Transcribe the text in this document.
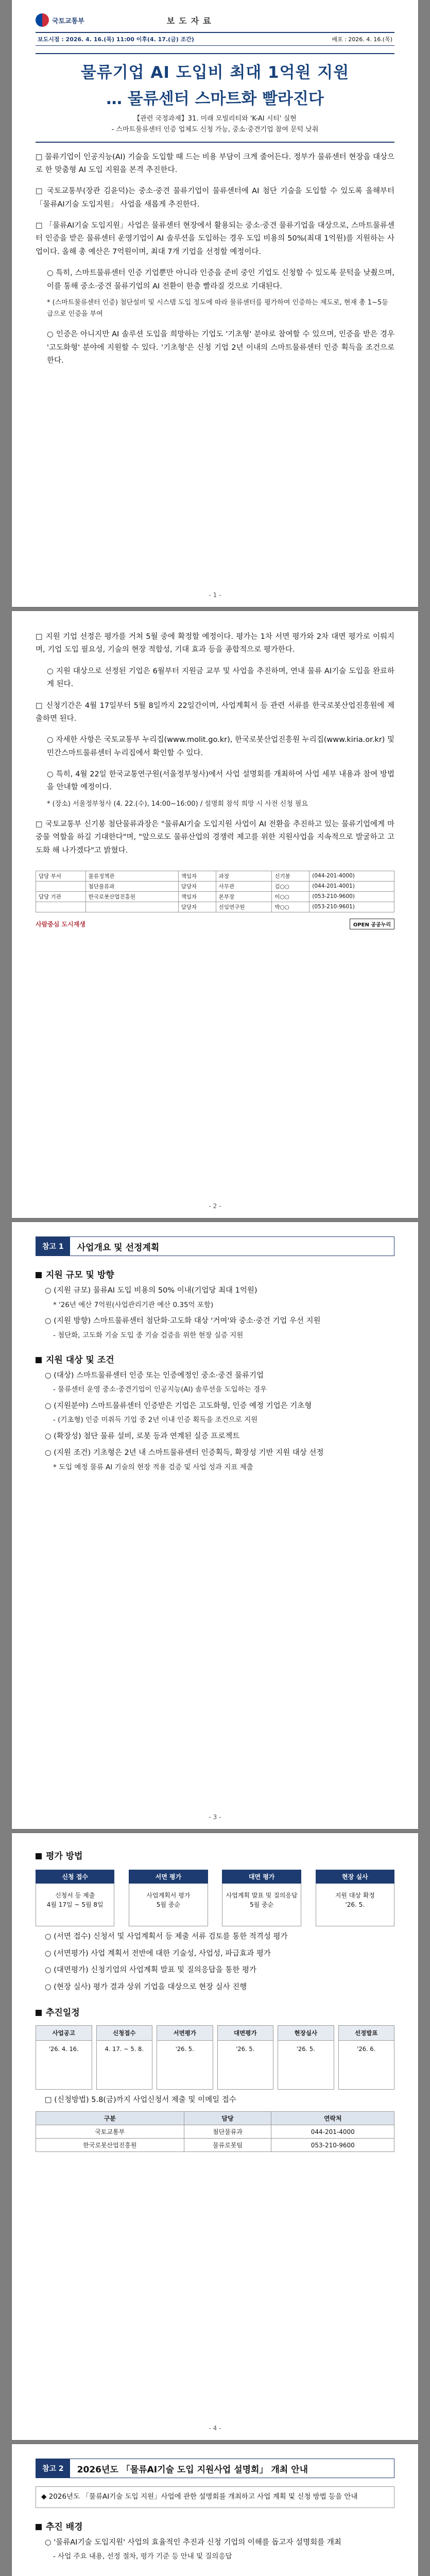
국토교통부	보도자료
보도시점 : 2026. 4. 16.(목) 11:00 이후(4. 17.(금) 조간)	배포 : 2026. 4. 16.(목)
물류기업 AI 도입비 최대 1억원 지원
… 물류센터 스마트화 빨라진다
【관련 국정과제】31. 미래 모빌리티와 'K-AI 시티' 실현
- 스마트물류센터 인증 업체도 신청 가능, 중소·중견기업 참여 문턱 낮춰

□ 물류기업이 인공지능(AI) 기술을 도입할 때 드는 비용 부담이 크게 줄어든다. 정부가 물류센터 현장을 대상으로 한 맞춤형 AI 도입 지원을 본격 추진한다.

□ 국토교통부(장관 김윤덕)는 중소·중견 물류기업이 물류센터에 AI 첨단 기술을 도입할 수 있도록 올해부터 「물류AI기술 도입지원」 사업을 새롭게 추진한다.

□ 「물류AI기술 도입지원」사업은 물류센터 현장에서 활용되는 중소·중견 물류기업을 대상으로, 스마트물류센터 인증을 받은 물류센터 운영기업이 AI 솔루션을 도입하는 경우 도입 비용의 50%(최대 1억원)를 지원하는 사업이다. 올해 총 예산은 7억원이며, 최대 7개 기업을 선정할 예정이다.

○ 특히, 스마트물류센터 인증 기업뿐만 아니라 인증을 준비 중인 기업도 신청할 수 있도록 문턱을 낮췄으며, 이를 통해 중소·중견 물류기업의 AI 전환이 한층 빨라질 것으로 기대된다.

* (스마트물류센터 인증) 첨단설비 및 시스템 도입 정도에 따라 물류센터를 평가하여 인증하는 제도로, 현재 총 1~5등급으로 인증을 부여

○ 인증은 아니지만 AI 솔루션 도입을 희망하는 기업도 '기초형' 분야로 참여할 수 있으며, 인증을 받은 경우 '고도화형' 분야에 지원할 수 있다. '기초형'은 신청 기업 2년 이내의 스마트물류센터 인증 획득을 조건으로 한다.

- 1 -

□ 지원 기업 선정은 평가를 거쳐 5월 중에 확정할 예정이다. 평가는 1차 서면 평가와 2차 대면 평가로 이뤄지며, 기업 도입 필요성, 기술의 현장 적합성, 기대 효과 등을 종합적으로 평가한다.

○ 지원 대상으로 선정된 기업은 6월부터 지원금 교부 및 사업을 추진하며, 연내 물류 AI기술 도입을 완료하게 된다.

□ 신청기간은 4월 17일부터 5월 8일까지 22일간이며, 사업계획서 등 관련 서류를 한국로봇산업진흥원에 제출하면 된다.

○ 자세한 사항은 국토교통부 누리집(www.molit.go.kr), 한국로봇산업진흥원 누리집(www.kiria.or.kr) 및 민간스마트물류센터 누리집에서 확인할 수 있다.

○ 특히, 4월 22일 한국교통연구원(서울정부청사)에서 사업 설명회를 개최하여 사업 세부 내용과 참여 방법을 안내할 예정이다.

* (장소) 서울정부청사 (4. 22.(수), 14:00~16:00) / 설명회 참석 희망 시 사전 신청 필요

□ 국토교통부 신기봉 첨단물류과장은 "물류AI기술 도입지원 사업이 AI 전환을 추진하고 있는 물류기업에게 마중물 역할을 하길 기대한다"며, "앞으로도 물류산업의 경쟁력 제고를 위한 지원사업을 지속적으로 발굴하고 고도화 해 나가겠다"고 밝혔다.

담당 부서	물류정책관	책임자	과장	신기봉	(044-201-4000)
	첨단물류과	담당자	사무관	김○○	(044-201-4001)
담당 기관	한국로봇산업진흥원	책임자	본부장	이○○	(053-210-9600)
		담당자	선임연구원	박○○	(053-210-9601)
사람중심 도시재생	OPEN 공공누리
- 2 -
참고 1	사업개요 및 선정계획
지원 규모 및 방향

○ (지원 규모) 물류AI 도입 비용의 50% 이내(기업당 최대 1억원)

* '26년 예산 7억원(사업관리기관 예산 0.35억 포함)

○ (지원 방향) 스마트물류센터 첨단화·고도화 대상 '거여'와 중소·중견 기업 우선 지원

- 첨단화, 고도화 기술 도입 중 기술 검증을 위한 현장 실증 지원

지원 대상 및 조건

○ (대상) 스마트물류센터 인증 또는 인증예정인 중소·중견 물류기업

- 물류센터 운영 중소·중견기업이 인공지능(AI) 솔루션을 도입하는 경우

○ (지원분야) 스마트물류센터 인증받은 기업은 고도화형, 인증 예정 기업은 기초형

- (기초형) 인증 미취득 기업 중 2년 이내 인증 획득을 조건으로 지원

○ (확장성) 첨단 물류 설비, 로봇 등과 연계된 실증 프로젝트

○ (지원 조건) 기초형은 2년 내 스마트물류센터 인증획득, 확장성 기반 지원 대상 선정

* 도입 예정 물류 AI 기술의 현장 적용 검증 및 사업 성과 지표 제출

- 3 -
평가 방법
신청 접수
신청서 등 제출
4월 17일 ~ 5월 8일
서면 평가
사업계획서 평가
5월 중순
대면 평가
사업계획 발표 및 질의응답
5월 중순
현장 실사
지원 대상 확정
'26. 5.

○ (서면 접수) 신청서 및 사업계획서 등 제출 서류 검토를 통한 적격성 평가

○ (서면평가) 사업 계획서 전반에 대한 기술성, 사업성, 파급효과 평가

○ (대면평가) 신청기업의 사업계획 발표 및 질의응답을 통한 평가

○ (현장 실사) 평가 결과 상위 기업을 대상으로 현장 실사 진행

추진일정
사업공고
'26. 4. 16.
신청접수
4. 17. ~ 5. 8.
서면평가
'26. 5.
대면평가
'26. 5.
현장실사
'26. 5.
선정발표
'26. 6.

□ (신청방법) 5.8(금)까지 사업신청서 제출 및 이메일 접수

구분	담당	연락처
국토교통부	첨단물류과	044-201-4000
한국로봇산업진흥원	물류로봇팀	053-210-9600
- 4 -
참고 2	2026년도 「물류AI기술 도입 지원사업 설명회」 개최 안내

◆ 2026년도 「물류AI기술 도입 지원」사업에 관한 설명회를 개최하고 사업 계획 및 신청 방법 등을 안내

추진 배경

○ '물류AI기술 도입지원' 사업의 효율적인 추진과 신청 기업의 이해를 돕고자 설명회를 개최

- 사업 주요 내용, 선정 절차, 평가 기준 등 안내 및 질의응답
